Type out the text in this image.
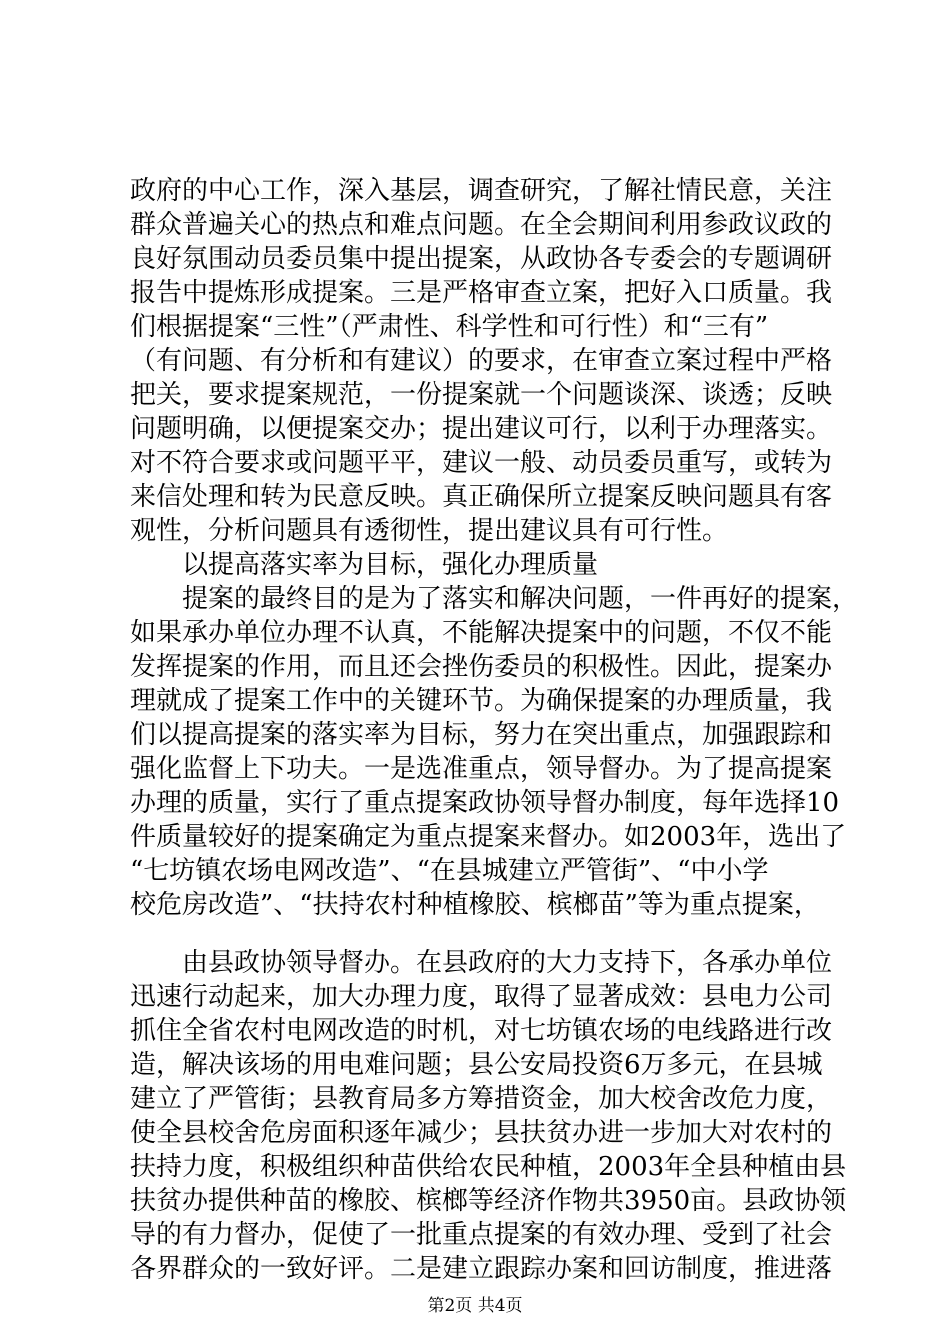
政府的中心工作，深入基层，调查研究，了解社情民意，关注
群众普遍关心的热点和难点问题。在全会期间利用参政议政的
良好氛围动员委员集中提出提案，从政协各专委会的专题调研
报告中提炼形成提案。三是严格审查立案，把好入口质量。我
们根据提案“三性”（严肃性、科学性和可行性）和“三有”
（有问题、有分析和有建议）的要求，在审查立案过程中严格
把关，要求提案规范，一份提案就一个问题谈深、谈透；反映
问题明确，以便提案交办；提出建议可行，以利于办理落实。
对不符合要求或问题平平，建议一般、动员委员重写，或转为
来信处理和转为民意反映。真正确保所立提案反映问题具有客
观性，分析问题具有透彻性，提出建议具有可行性。
以提高落实率为目标，强化办理质量
提案的最终目的是为了落实和解决问题，一件再好的提案，
如果承办单位办理不认真，不能解决提案中的问题，不仅不能
发挥提案的作用，而且还会挫伤委员的积极性。因此，提案办
理就成了提案工作中的关键环节。为确保提案的办理质量，我
们以提高提案的落实率为目标，努力在突出重点，加强跟踪和
强化监督上下功夫。一是选准重点，领导督办。为了提高提案
办理的质量，实行了重点提案政协领导督办制度，每年选择10
件质量较好的提案确定为重点提案来督办。如2003年，选出了
“七坊镇农场电网改造”、“在县城建立严管街”、“中小学
校危房改造”、“扶持农村种植橡胶、槟榔苗”等为重点提案，
由县政协领导督办。在县政府的大力支持下，各承办单位
迅速行动起来，加大办理力度，取得了显著成效：县电力公司
抓住全省农村电网改造的时机，对七坊镇农场的电线路进行改
造，解决该场的用电难问题；县公安局投资6万多元，在县城
建立了严管街；县教育局多方筹措资金，加大校舍改危力度，
使全县校舍危房面积逐年减少；县扶贫办进一步加大对农村的
扶持力度，积极组织种苗供给农民种植，2003年全县种植由县
扶贫办提供种苗的橡胶、槟榔等经济作物共3950亩。县政协领
导的有力督办，促使了一批重点提案的有效办理、受到了社会
各界群众的一致好评。二是建立跟踪办案和回访制度，推进落
第2页 共4页
